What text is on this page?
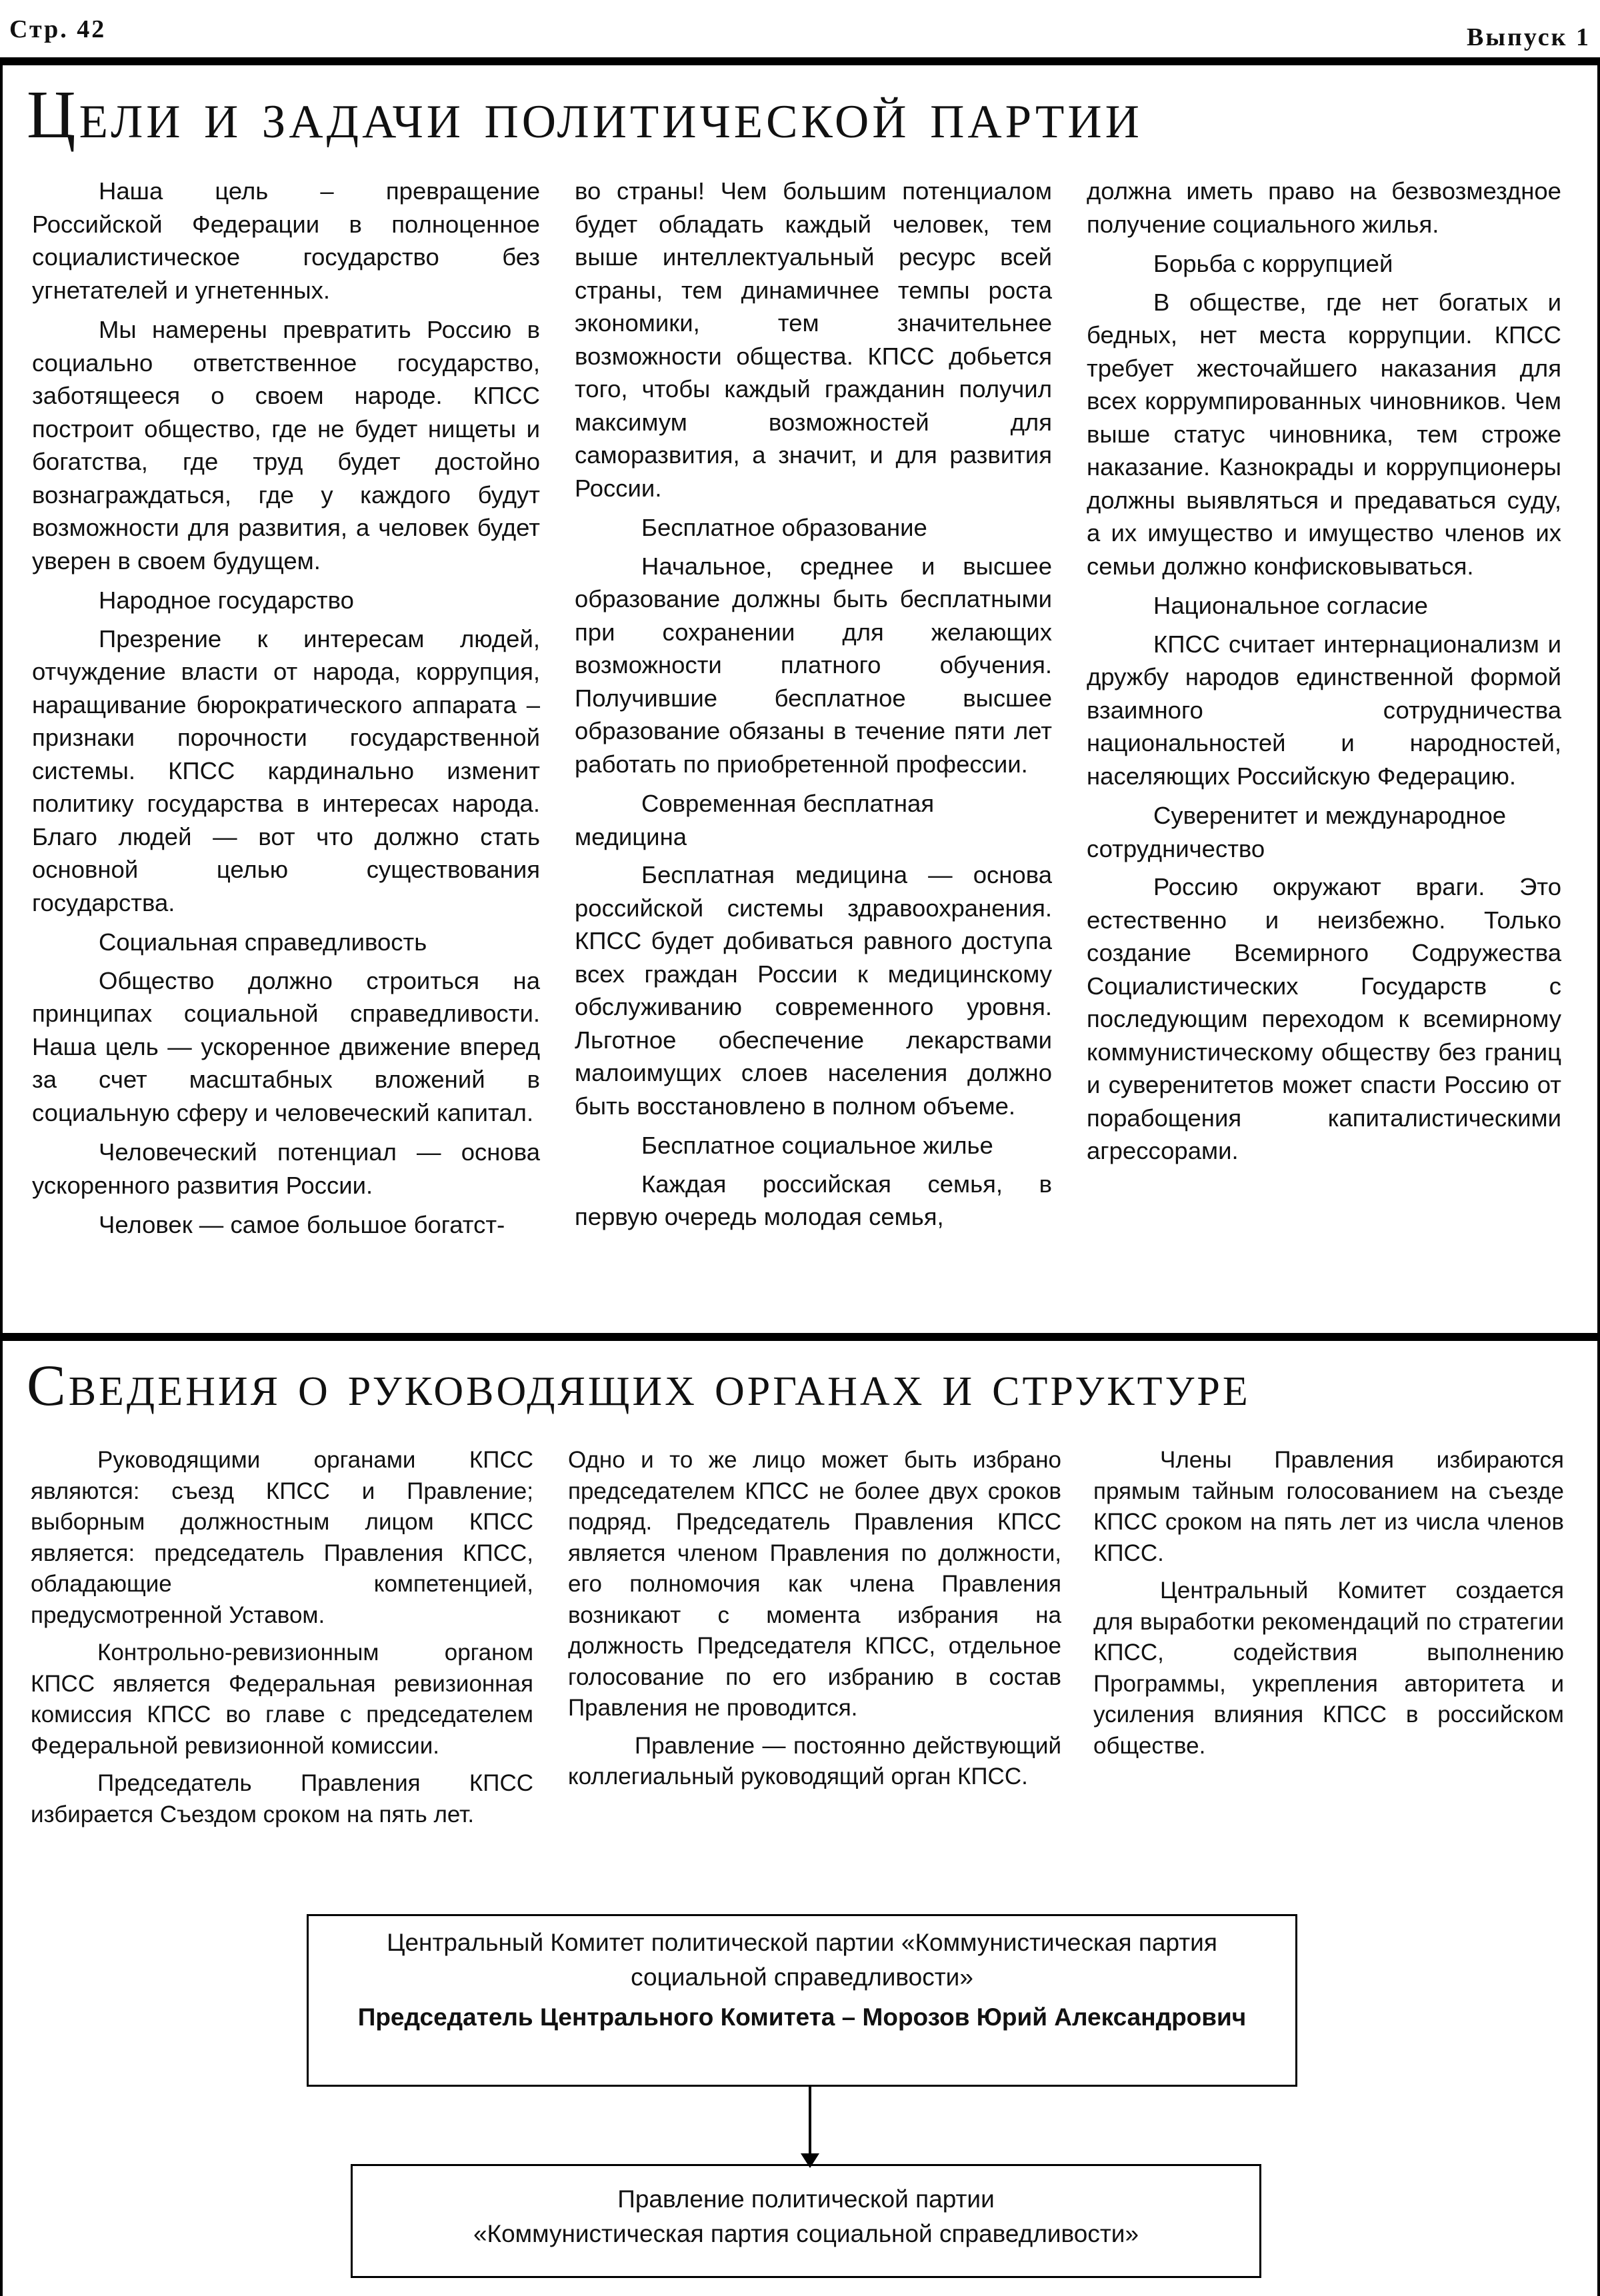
Стр. 42	Выпуск 1
Цели и задачи политической партии

Наша цель – превращение Российской Федерации в полноценное социалистическое государство без угнетателей и угнетенных.

Мы намерены превратить Россию в социально ответственное государство, заботящееся о своем народе. КПСС построит общество, где не будет нищеты и богатства, где труд будет достойно вознаграждаться, где у каждого будут возможности для развития, а человек будет уверен в своем будущем.

Народное государство

Презрение к интересам людей, отчуждение власти от народа, коррупция, наращивание бюрократического аппарата – признаки порочности государственной системы. КПСС кардинально изменит политику государства в интересах народа. Благо людей — вот что должно стать основной целью существования государства.

Социальная справедливость

Общество должно строиться на принципах социальной справедливости. Наша цель — ускоренное движение вперед за счет масштабных вложений в социальную сферу и человеческий капитал.

Человеческий потенциал — основа ускоренного развития России.

Человек — самое большое богатст-

во страны! Чем большим потенциалом будет обладать каждый человек, тем выше интеллектуальный ресурс всей страны, тем динамичнее темпы роста экономики, тем значительнее возможности общества. КПСС добьется того, чтобы каждый гражданин получил максимум возможностей для саморазвития, а значит, и для развития России.

Бесплатное образование

Начальное, среднее и высшее образование должны быть бесплатными при сохранении для желающих возможности платного обучения. Получившие бесплатное высшее образование обязаны в течение пяти лет работать по приобретенной профессии.

Современная бесплатная медицина

Бесплатная медицина — основа российской системы здравоохранения. КПСС будет добиваться равного доступа всех граждан России к медицинскому обслуживанию современного уровня. Льготное обеспечение лекарствами малоимущих слоев населения должно быть восстановлено в полном объеме.

Бесплатное социальное жилье

Каждая российская семья, в первую очередь молодая семья,

должна иметь право на безвозмездное получение социального жилья.

Борьба с коррупцией

В обществе, где нет богатых и бедных, нет места коррупции. КПСС требует жесточайшего наказания для всех коррумпированных чиновников. Чем выше статус чиновника, тем строже наказание. Казнокрады и коррупционеры должны выявляться и предаваться суду, а их имущество и имущество членов их семьи должно конфисковываться.

Национальное согласие

КПСС считает интернационализм и дружбу народов единственной формой взаимного сотрудничества национальностей и народностей, населяющих Российскую Федерацию.

Суверенитет и международное сотрудничество

Россию окружают враги. Это естественно и неизбежно. Только создание Всемирного Содружества Социалистических Государств с последующим переходом к всемирному коммунистическому обществу без границ и суверенитетов может спасти Россию от порабощения капиталистическими агрессорами.

Сведения о руководящих органах и структуре

Руководящими органами КПСС являются: съезд КПСС и Правление; выборным должностным лицом КПСС является: председатель Правления КПСС, обладающие компетенцией, предусмотренной Уставом.

Контрольно-ревизионным органом КПСС является Федеральная ревизионная комиссия КПСС во главе с председателем Федеральной ревизионной комиссии.

Председатель Правления КПСС избирается Съездом сроком на пять лет.

Одно и то же лицо может быть избрано председателем КПСС не более двух сроков подряд. Председатель Правления КПСС является членом Правления по должности, его полномочия как члена Правления возникают с момента избрания на должность Председателя КПСС, отдельное голосование по его избранию в состав Правления не проводится.

Правление — постоянно действующий коллегиальный руководящий орган КПСС.

Члены Правления избираются прямым тайным голосованием на съезде КПСС сроком на пять лет из числа членов КПСС.

Центральный Комитет создается для выработки рекомендаций по стратегии КПСС, содействия выполнению Программы, укрепления авторитета и усиления влияния КПСС в российском обществе.

Центральный Комитет политической партии «Коммунистическая партия
социальной справедливости»
Председатель Центрального Комитета – Морозов Юрий Александрович
Правление политической партии
«Коммунистическая партия социальной справедливости»
